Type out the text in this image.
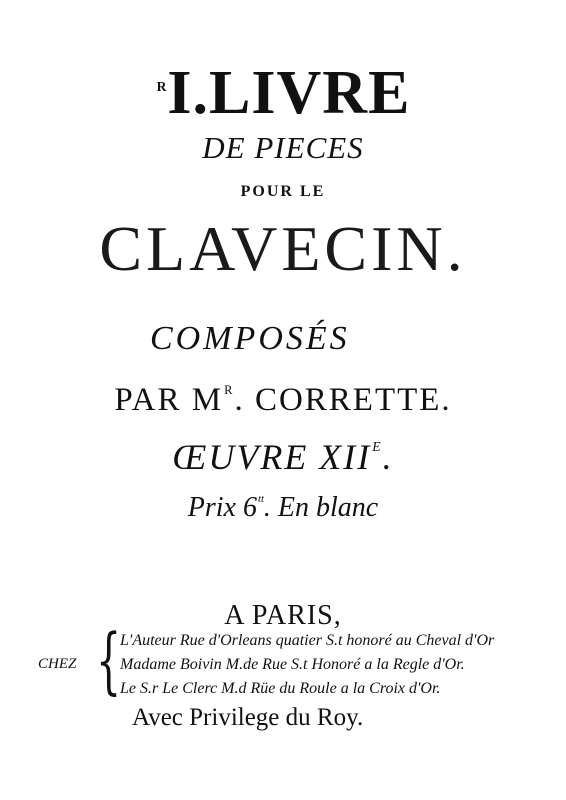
$^R$I.LIVRE
DE PIECES
POUR LE
CLAVECIN.
COMPOSÉS
PAR $M^R$. CORRETTE.
ŒUVRE $XII^E$.
Prix $6^{tt}$. En blanc
A PARIS,
CHEZ {
L'Auteur Rue d'Orleans quatier S.t honoré au Cheval d'Or
Madame Boivin M.de Rue S.t Honoré a la Regle d'Or.
Le S.r Le Clerc M.d Rüe du Roule a la Croix d'Or.
Avec Privilege du Roy.
